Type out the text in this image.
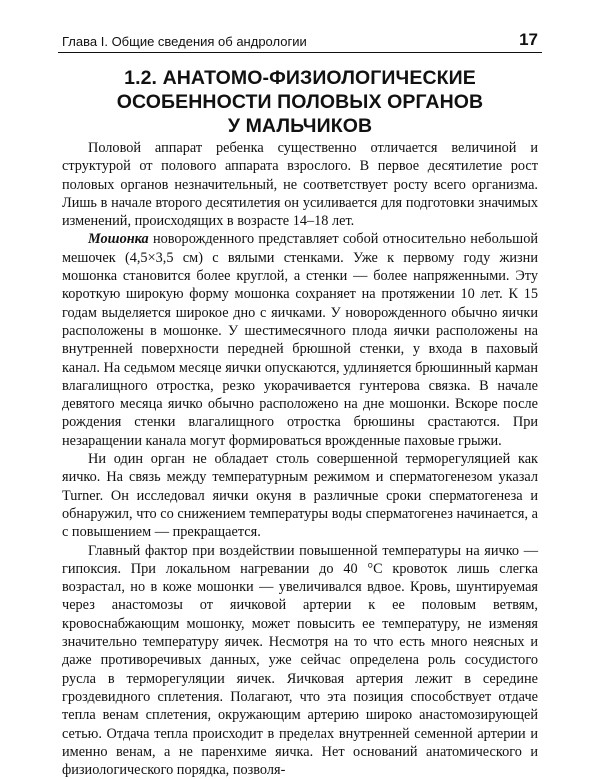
Глава I. Общие сведения об андрологии	17
1.2. АНАТОМО-ФИЗИОЛОГИЧЕСКИЕ
ОСОБЕННОСТИ ПОЛОВЫХ ОРГАНОВ
У МАЛЬЧИКОВ

Половой аппарат ребенка существенно отличается величиной и структурой от полового аппарата взрослого. В первое десятилетие рост половых органов незначительный, не соответствует росту всего организма. Лишь в начале второго десятилетия он усиливается для подготовки значимых изменений, происходящих в возрасте 14–18 лет.

Мошонка новорожденного представляет собой относительно небольшой мешочек (4,5×3,5 см) с вялыми стенками. Уже к первому году жизни мошонка становится более круглой, а стенки — более напряженными. Эту короткую широкую форму мошонка сохраняет на протяжении 10 лет. К 15 годам выделяется широкое дно с яичками. У новорожденного обычно яички расположены в мошонке. У шестимесячного плода яички расположены на внутренней поверхности передней брюшной стенки, у входа в паховый канал. На седьмом месяце яички опускаются, удлиняется брюшинный карман влагалищного отростка, резко укорачивается гунтерова связка. В начале девятого месяца яичко обычно расположено на дне мошонки. Вскоре после рождения стенки влагалищного отростка брюшины срастаются. При незаращении канала могут формироваться врожденные паховые грыжи.

Ни один орган не обладает столь совершенной терморегуляцией как яичко. На связь между температурным режимом и сперматогенезом указал Turner. Он исследовал яички окуня в различные сроки сперматогенеза и обнаружил, что со снижением температуры воды сперматогенез начинается, а с повышением — прекращается.

Главный фактор при воздействии повышенной температуры на яичко — гипоксия. При локальном нагревании до 40 °С кровоток лишь слегка возрастал, но в коже мошонки — увеличивался вдвое. Кровь, шунтируемая через анастомозы от яичковой артерии к ее половым ветвям, кровоснабжающим мошонку, может повысить ее температуру, не изменяя значительно температуру яичек. Несмотря на то что есть много неясных и даже противоречивых данных, уже сейчас определена роль сосудистого русла в терморегуляции яичек. Яичковая артерия лежит в середине гроздевидного сплетения. Полагают, что эта позиция способствует отдаче тепла венам сплетения, окружающим артерию широко анастомозирующей сетью. Отдача тепла происходит в пределах внутренней семенной артерии и именно венам, а не паренхиме яичка. Нет оснований анатомического и физиологического порядка, позволя-
